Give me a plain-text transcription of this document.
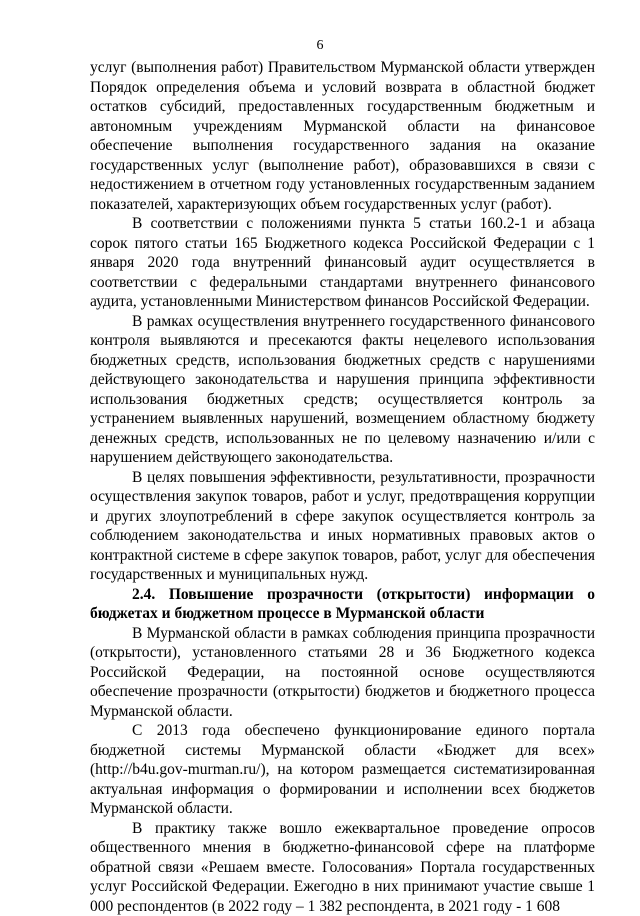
6

услуг (выполнения работ) Правительством Мурманской области утвержден Порядок определения объема и условий возврата в областной бюджет остатков субсидий, предоставленных государственным бюджетным и автономным учреждениям Мурманской области на финансовое обеспечение выполнения государственного задания на оказание государственных услуг (выполнение работ), образовавшихся в связи с недостижением в отчетном году установленных государственным заданием показателей, характеризующих объем государственных услуг (работ).

В соответствии с положениями пункта 5 статьи 160.2-1 и абзаца сорок пятого статьи 165 Бюджетного кодекса Российской Федерации с 1 января 2020 года внутренний финансовый аудит осуществляется в соответствии с федеральными стандартами внутреннего финансового аудита, установленными Министерством финансов Российской Федерации.

В рамках осуществления внутреннего государственного финансового контроля выявляются и пресекаются факты нецелевого использования бюджетных средств, использования бюджетных средств с нарушениями действующего законодательства и нарушения принципа эффективности использования бюджетных средств; осуществляется контроль за устранением выявленных нарушений, возмещением областному бюджету денежных средств, использованных не по целевому назначению и/или с нарушением действующего законодательства.

В целях повышения эффективности, результативности, прозрачности осуществления закупок товаров, работ и услуг, предотвращения коррупции и других злоупотреблений в сфере закупок осуществляется контроль за соблюдением законодательства и иных нормативных правовых актов о контрактной системе в сфере закупок товаров, работ, услуг для обеспечения государственных и муниципальных нужд.

2.4. Повышение прозрачности (открытости) информации о бюджетах и бюджетном процессе в Мурманской области

В Мурманской области в рамках соблюдения принципа прозрачности (открытости), установленного статьями 28 и 36 Бюджетного кодекса Российской Федерации, на постоянной основе осуществляются обеспечение прозрачности (открытости) бюджетов и бюджетного процесса Мурманской области.

С 2013 года обеспечено функционирование единого портала бюджетной системы Мурманской области «Бюджет для всех» (http://b4u.gov-murman.ru/), на котором размещается систематизированная актуальная информация о формировании и исполнении всех бюджетов Мурманской области.

В практику также вошло ежеквартальное проведение опросов общественного мнения в бюджетно-финансовой сфере на платформе обратной связи «Решаем вместе. Голосования» Портала государственных услуг Российской Федерации. Ежегодно в них принимают участие свыше 1 000 респондентов (в 2022 году – 1 382 респондента, в 2021 году - 1 608
